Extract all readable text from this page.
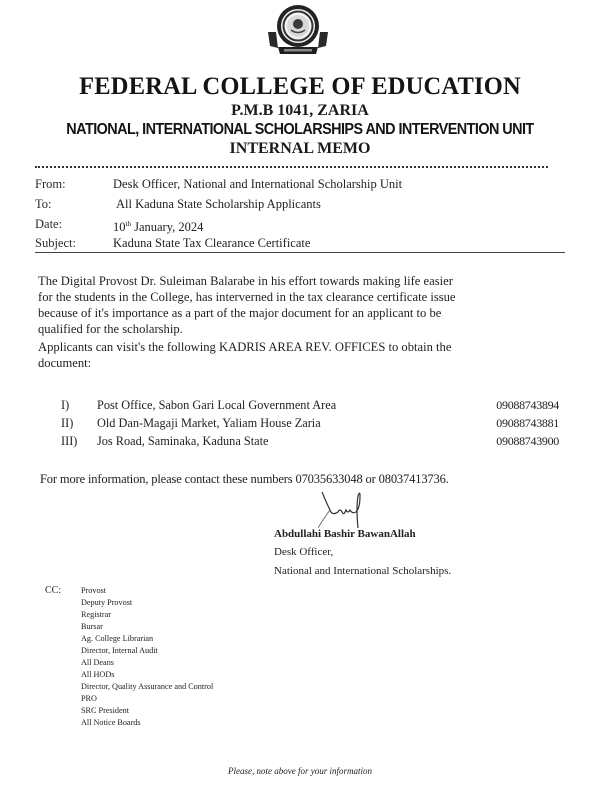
FEDERAL COLLEGE OF EDUCATION
P.M.B 1041, ZARIA
NATIONAL, INTERNATIONAL SCHOLARSHIPS AND INTERVENTION UNIT
INTERNAL MEMO
From:	Desk Officer, National and International Scholarship Unit
To:	All Kaduna State Scholarship Applicants
Date:	10th January, 2024
Subject:	Kaduna State Tax Clearance Certificate
The Digital Provost Dr. Suleiman Balarabe in his effort towards making life easier
for the students in the College, has interverned in the tax clearance certificate issue
because of it's importance as a part of the major document for an applicant to be
qualified for the scholarship.
Applicants can visit's the following KADRIS AREA REV. OFFICES to obtain the
document:
I) Post Office, Sabon Gari Local Government Area	09088743894
II) Old Dan-Magaji Market, Yaliam House Zaria	09088743881
III) Jos Road, Saminaka, Kaduna State	09088743900
For more information, please contact these numbers 07035633048 or 08037413736.
Abdullahi Bashir BawanAllah
Desk Officer,
National and International Scholarships.
CC: Provost
Deputy Provost
Registrar
Bursar
Ag. College Librarian
Director, Internal Audit
All Deans
All HODs
Director, Quality Assurance and Control
PRO
SRC President
All Notice Boards
Please, note above for your information
